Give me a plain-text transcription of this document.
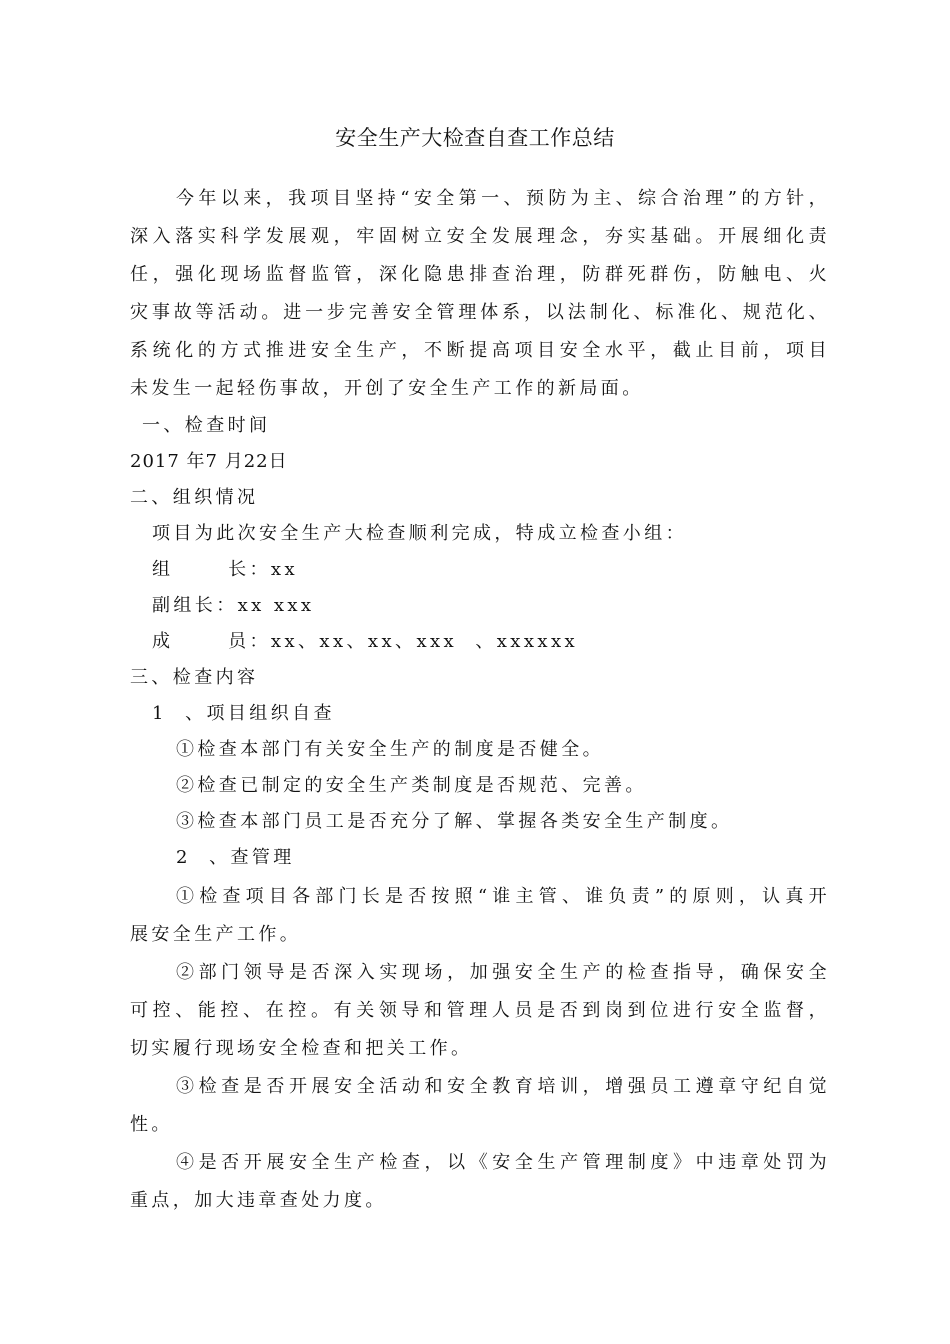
安全生产大检查自查工作总结
今年以来，我项目坚持“安全第一、预防为主、综合治理”的方针，
深入落实科学发展观，牢固树立安全发展理念，夯实基础。开展细化责
任，强化现场监督监管，深化隐患排查治理，防群死群伤，防触电、火
灾事故等活动。进一步完善安全管理体系，以法制化、标准化、规范化、
系统化的方式推进安全生产，不断提高项目安全水平，截止目前，项目
未发生一起轻伤事故，开创了安全生产工作的新局面。
一、检查时间
2017 年7 月22日
二、组织情况
项目为此次安全生产大检查顺利完成，特成立检查小组：
组      长：xx
副组长：xx xxx
成      员：xx、xx、xx、xxx  、xxxxxx
三、检查内容
1  、项目组织自查
①检查本部门有关安全生产的制度是否健全。
②检查已制定的安全生产类制度是否规范、完善。
③检查本部门员工是否充分了解、掌握各类安全生产制度。
2  、查管理
①检查项目各部门长是否按照“谁主管、谁负责”的原则，认真开
展安全生产工作。
②部门领导是否深入实现场，加强安全生产的检查指导，确保安全
可控、能控、在控。有关领导和管理人员是否到岗到位进行安全监督，
切实履行现场安全检查和把关工作。
③检查是否开展安全活动和安全教育培训，增强员工遵章守纪自觉
性。
④是否开展安全生产检查，以《安全生产管理制度》中违章处罚为
重点，加大违章查处力度。
